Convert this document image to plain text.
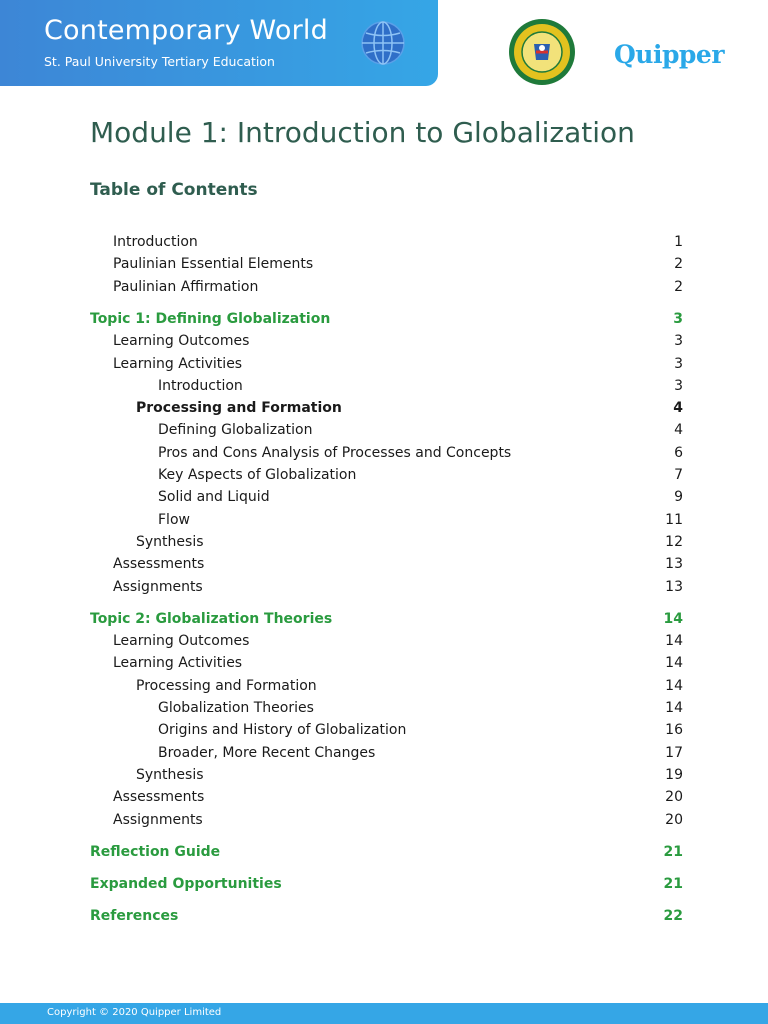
Contemporary World
St. Paul University Tertiary Education	Quipper
Module 1: Introduction to Globalization
Table of Contents
Introduction	1
Paulinian Essential Elements	2
Paulinian Affirmation	2
Topic 1: Defining Globalization	3
Learning Outcomes	3
Learning Activities	3
Introduction	3
Processing and Formation	4
Defining Globalization	4
Pros and Cons Analysis of Processes and Concepts	6
Key Aspects of Globalization	7
Solid and Liquid	9
Flow	11
Synthesis	12
Assessments	13
Assignments	13
Topic 2: Globalization Theories	14
Learning Outcomes	14
Learning Activities	14
Processing and Formation	14
Globalization Theories	14
Origins and History of Globalization	16
Broader, More Recent Changes	17
Synthesis	19
Assessments	20
Assignments	20
Reflection Guide	21
Expanded Opportunities	21
References	22
Copyright © 2020 Quipper Limited
